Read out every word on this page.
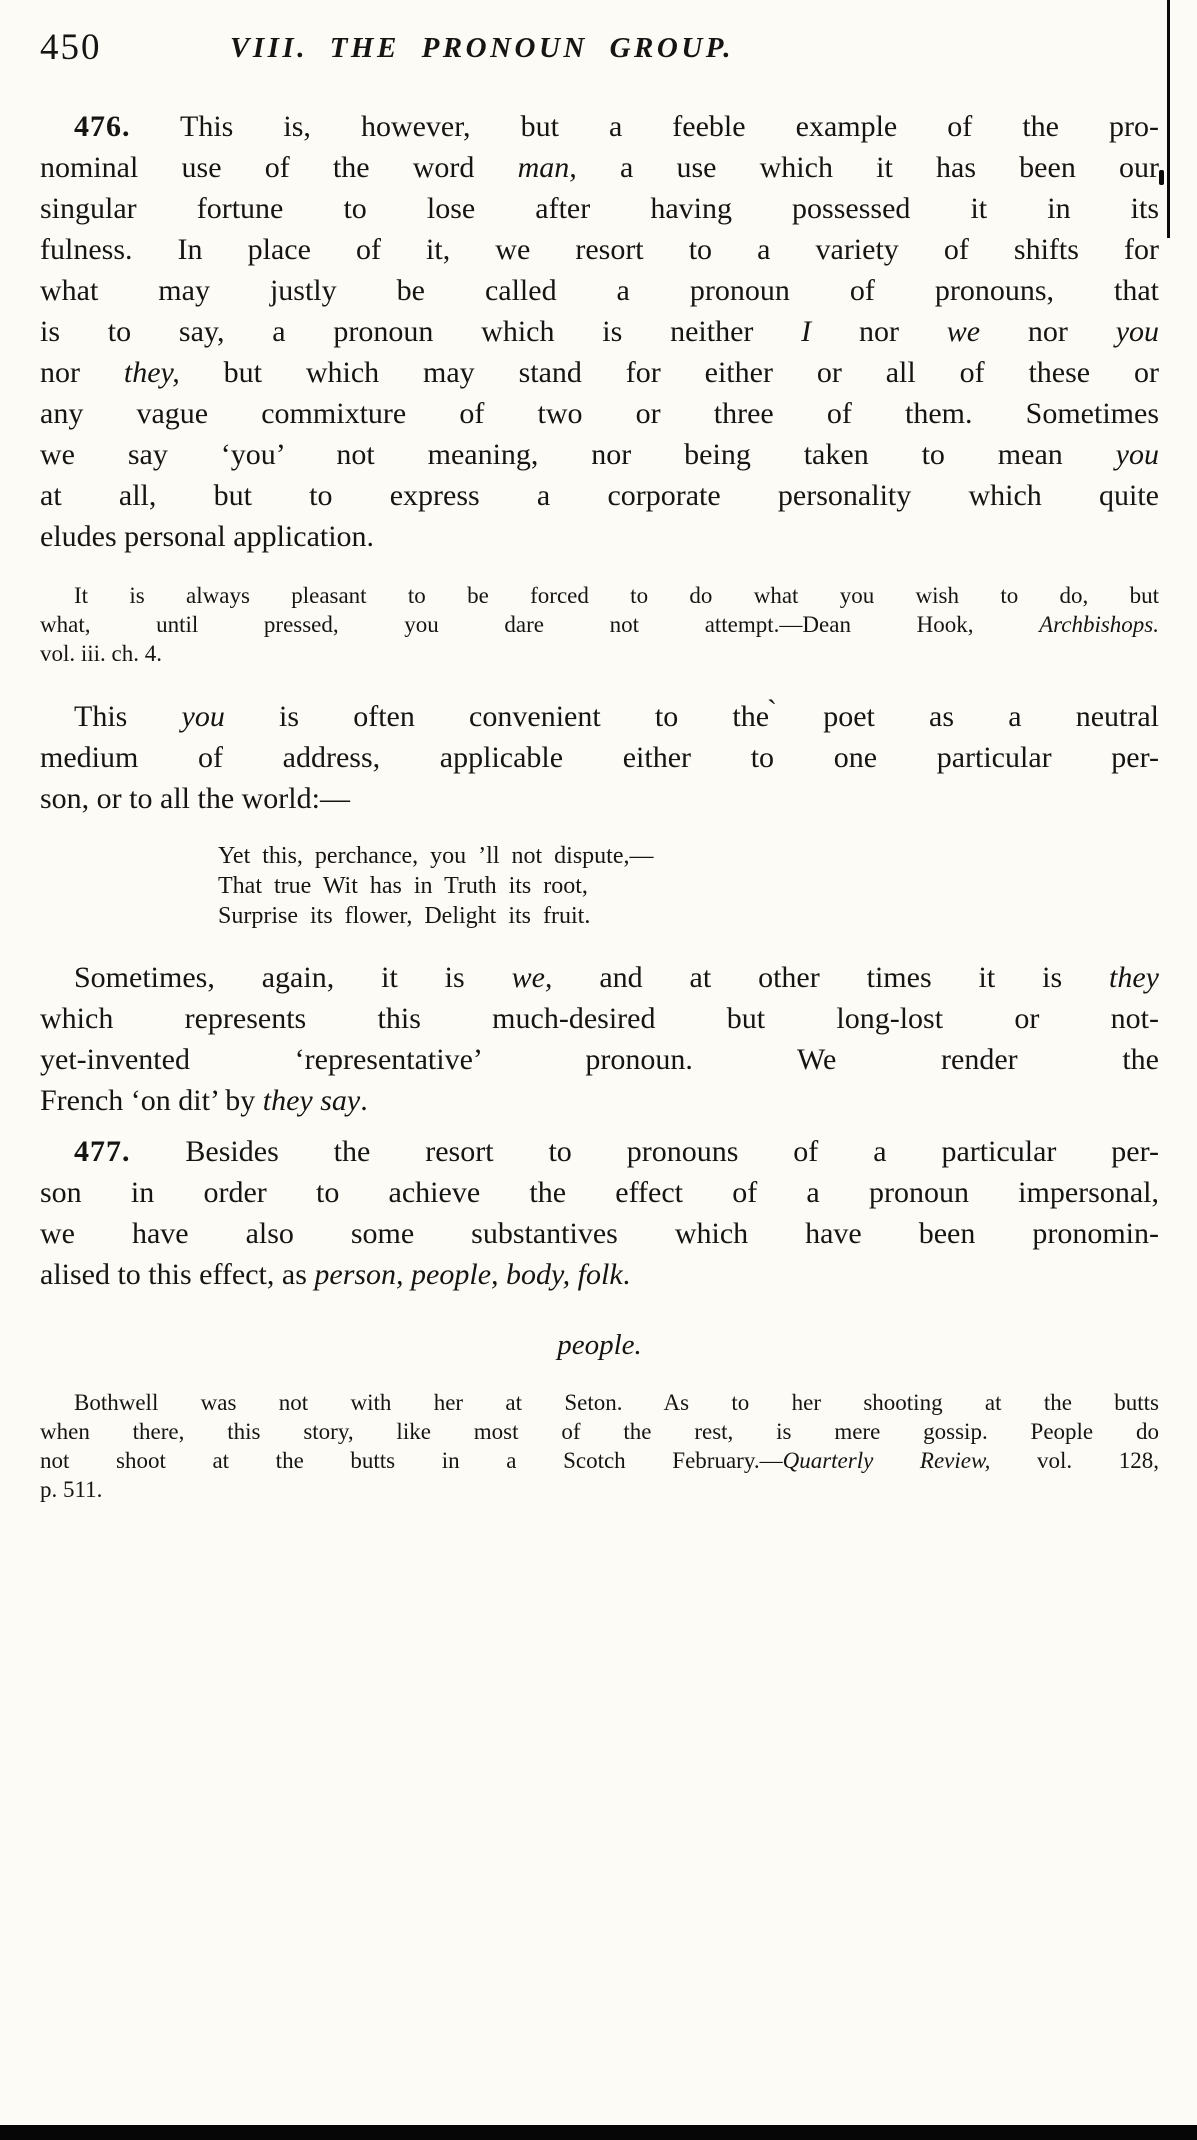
450	VIII. THE PRONOUN GROUP.
476. This is, however, but a feeble example of the pro-
nominal use of the word man, a use which it has been our
singular fortune to lose after having possessed it in its
fulness. In place of it, we resort to a variety of shifts for
what may justly be called a pronoun of pronouns, that
is to say, a pronoun which is neither I nor we nor you
nor they, but which may stand for either or all of these or
any vague commixture of two or three of them. Sometimes
we say ‘you’ not meaning, nor being taken to mean you
at all, but to express a corporate personality which quite
eludes personal application.
It is always pleasant to be forced to do what you wish to do, but
what, until pressed, you dare not attempt.—Dean Hook, Archbishops.
vol. iii. ch. 4.
This you is often convenient to the ̀poet as a neutral
medium of address, applicable either to one particular per-
son, or to all the world:—
Yet this, perchance, you ’ll not dispute,—
That true Wit has in Truth its root,
Surprise its flower, Delight its fruit.
Sometimes, again, it is we, and at other times it is they
which represents this much-desired but long-lost or not-
yet-invented ‘representative’ pronoun. We render the
French ‘on dit’ by they say.
477. Besides the resort to pronouns of a particular per-
son in order to achieve the effect of a pronoun impersonal,
we have also some substantives which have been pronomin-
alised to this effect, as person, people, body, folk.
people.
Bothwell was not with her at Seton. As to her shooting at the butts
when there, this story, like most of the rest, is mere gossip. People do
not shoot at the butts in a Scotch February.—Quarterly Review, vol. 128,
p. 511.
